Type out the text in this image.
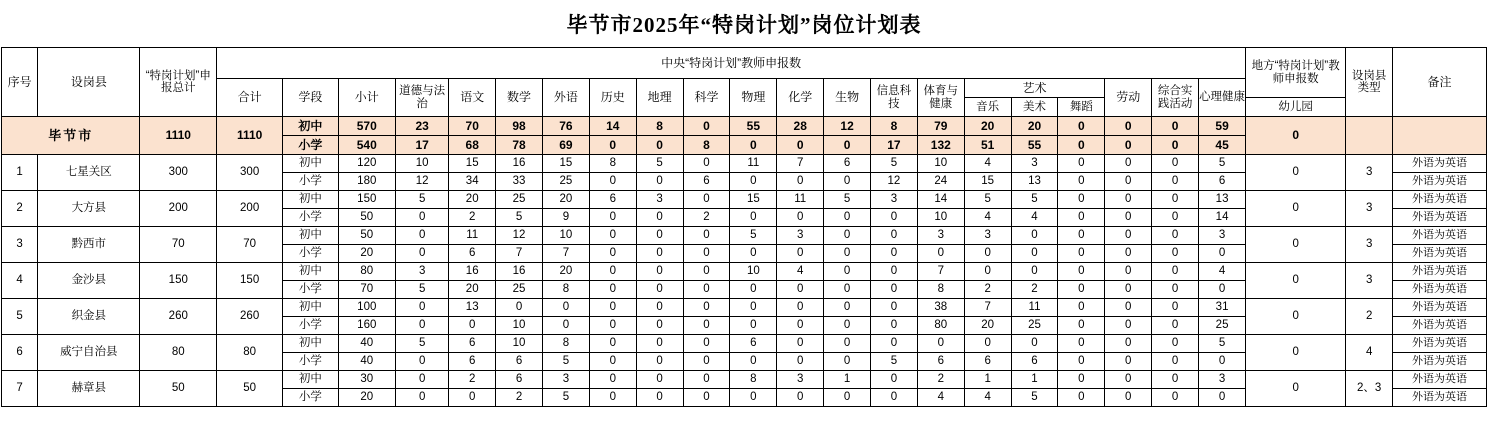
毕节市2025年“特岗计划”岗位计划表
序号	设岗县	“特岗计划”申报总计	中央“特岗计划”教师申报数																					地方“特岗计划”教师申报数	设岗县类型	备注
			合计	学段	小计	道德与法治	语文	数学	外语	历史	地理	科学	物理	化学	生物	信息科技	体育与健康	艺术			劳动	综合实践活动	心理健康			
																		音乐	美术	舞蹈				幼儿园		
毕节市		1110	1110	初中	570	23	70	98	76	14	8	0	55	28	12	8	79	20	20	0	0	0	59	0		
				小学	540	17	68	78	69	0	0	8	0	0	0	17	132	51	55	0	0	0	45			
1	七星关区	300	300	初中	120	10	15	16	15	8	5	0	11	7	6	5	10	4	3	0	0	0	5	0	3	外语为英语
				小学	180	12	34	33	25	0	0	6	0	0	0	12	24	15	13	0	0	0	6			外语为英语
2	大方县	200	200	初中	150	5	20	25	20	6	3	0	15	11	5	3	14	5	5	0	0	0	13	0	3	外语为英语
				小学	50	0	2	5	9	0	0	2	0	0	0	0	10	4	4	0	0	0	14			外语为英语
3	黔西市	70	70	初中	50	0	11	12	10	0	0	0	5	3	0	0	3	3	0	0	0	0	3	0	3	外语为英语
				小学	20	0	6	7	7	0	0	0	0	0	0	0	0	0	0	0	0	0	0			外语为英语
4	金沙县	150	150	初中	80	3	16	16	20	0	0	0	10	4	0	0	7	0	0	0	0	0	4	0	3	外语为英语
				小学	70	5	20	25	8	0	0	0	0	0	0	0	8	2	2	0	0	0	0			外语为英语
5	织金县	260	260	初中	100	0	13	0	0	0	0	0	0	0	0	0	38	7	11	0	0	0	31	0	2	外语为英语
				小学	160	0	0	10	0	0	0	0	0	0	0	0	80	20	25	0	0	0	25			外语为英语
6	威宁自治县	80	80	初中	40	5	6	10	8	0	0	0	6	0	0	0	0	0	0	0	0	0	5	0	4	外语为英语
				小学	40	0	6	6	5	0	0	0	0	0	0	5	6	6	6	0	0	0	0			外语为英语
7	赫章县	50	50	初中	30	0	2	6	3	0	0	0	8	3	1	0	2	1	1	0	0	0	3	0	2、3	外语为英语
				小学	20	0	0	2	5	0	0	0	0	0	0	0	4	4	5	0	0	0	0			外语为英语
